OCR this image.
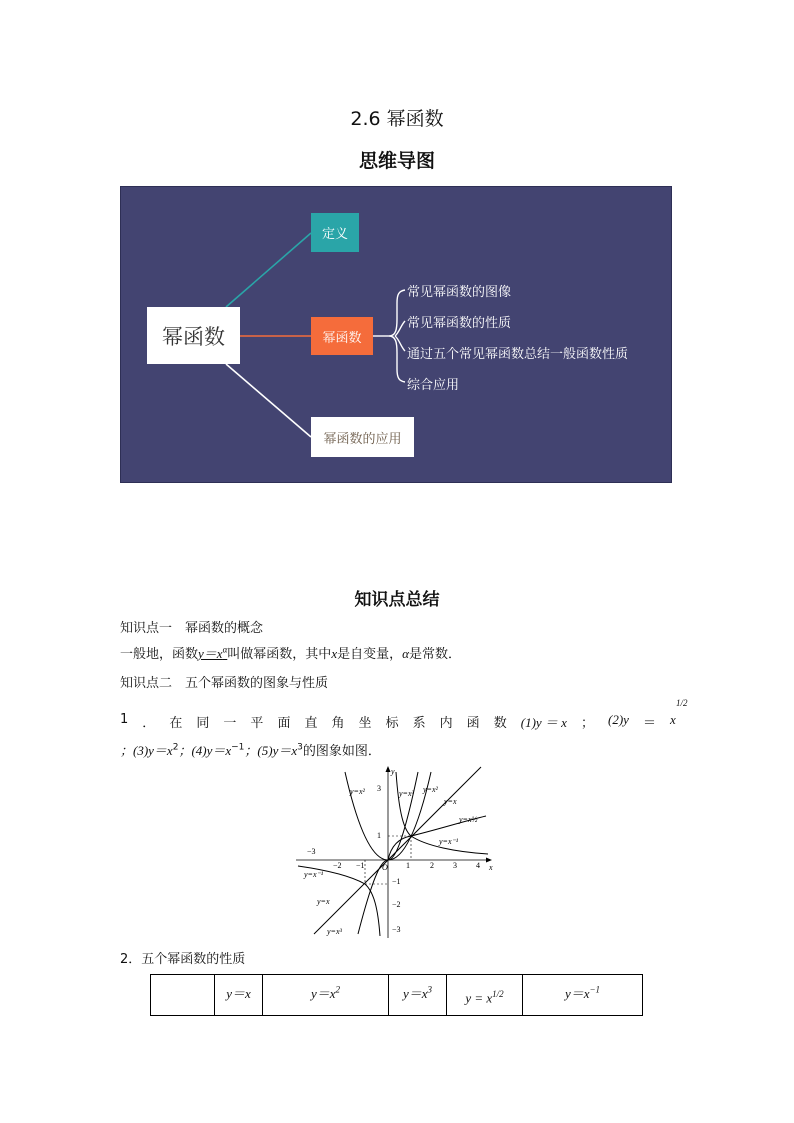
2.6 幂函数
思维导图
幂函数
定义
幂函数
幂函数的应用
常见幂函数的图像
常见幂函数的性质
通过五个常见幂函数总结一般函数性质
综合应用
知识点总结
知识点一　幂函数的概念
一般地，函数$y=x^\alpha$叫做幂函数，其中x是自变量，α是常数．
知识点二　五个幂函数的图象与性质
1 ． 在 同 一 平 面 直 角 坐 标 系 内 函 数 (1)y ＝ x ； (2)y ＝ x
1/2
；$(3)y=x^2$；$(4)y=x^{-1}$；$(5)y=x^3$的图象如图．
x
y
O
−3
−2 −1	1	2 3 4
3
1
−1
−2
−3
y=x²	y=x³ y=x²
y=x
y=x½
y=x⁻¹
y=x⁻¹
y=x
y=x³
2．五个幂函数的性质
	y＝x	$y=x^2$	$y=x^3$	$y = x^{1/2}$	$y=x^{-1}$
